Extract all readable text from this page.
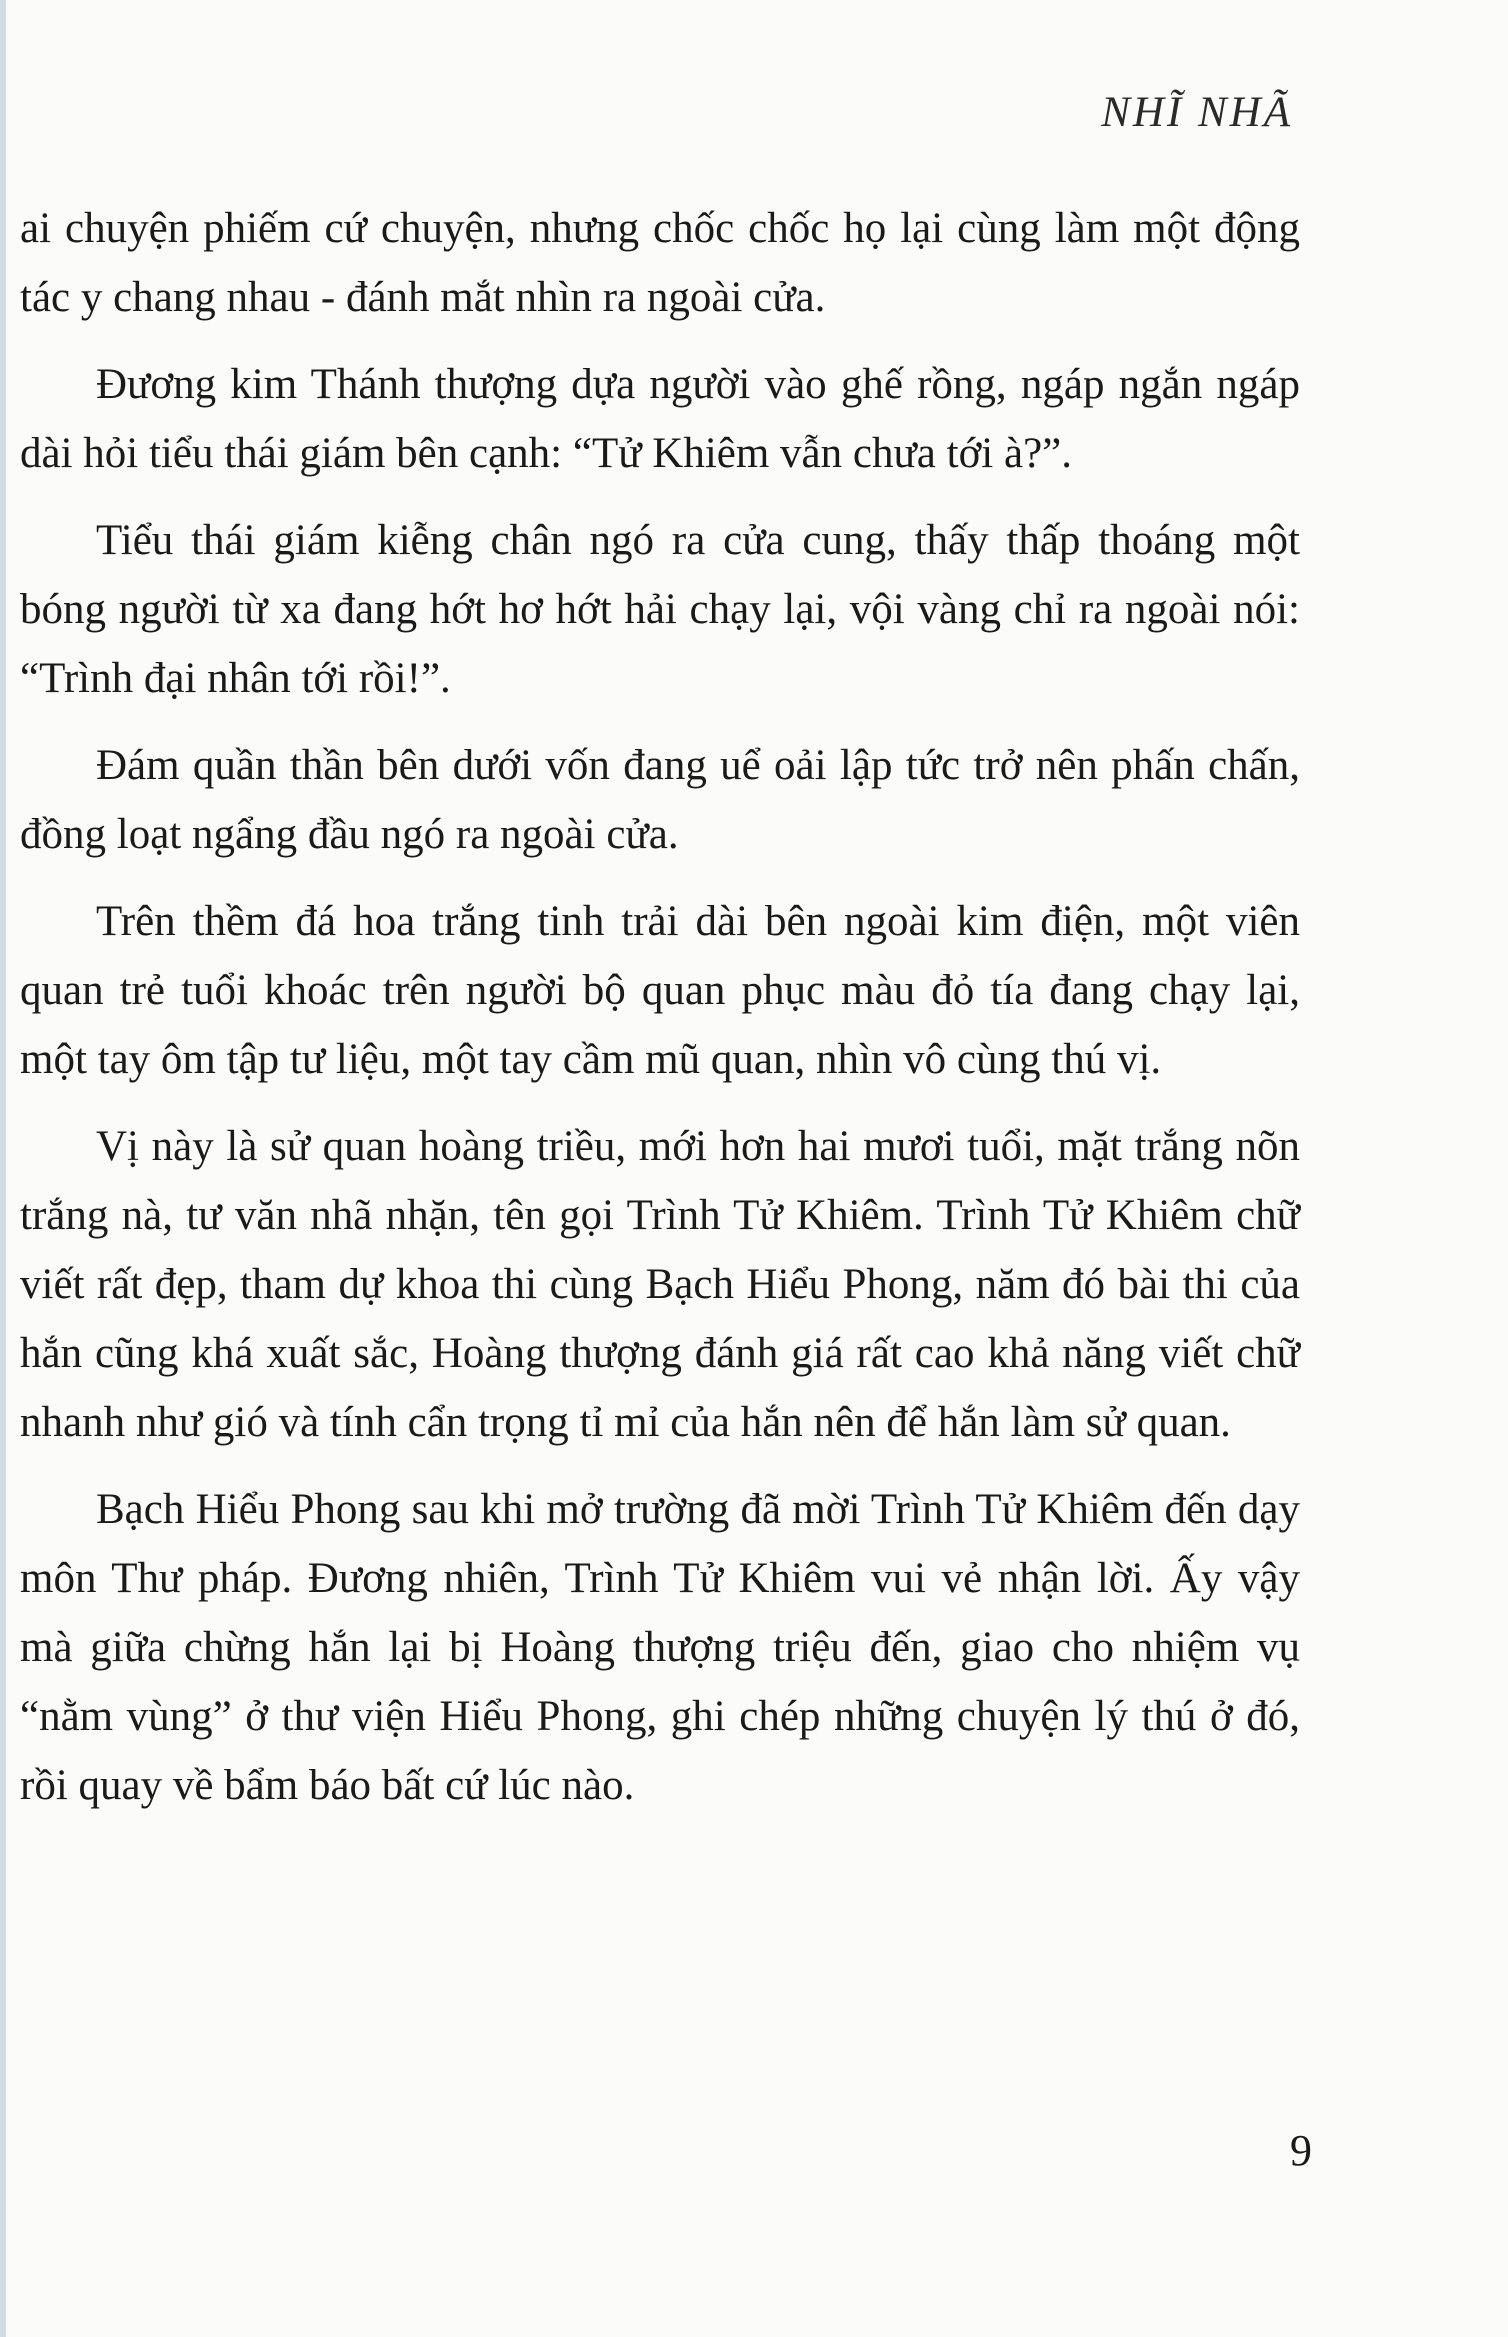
NHĨ NHÃ

ai chuyện phiếm cứ chuyện, nhưng chốc chốc họ lại cùng làm một động tác y chang nhau - đánh mắt nhìn ra ngoài cửa.

Đương kim Thánh thượng dựa người vào ghế rồng, ngáp ngắn ngáp dài hỏi tiểu thái giám bên cạnh: “Tử Khiêm vẫn chưa tới à?”.

Tiểu thái giám kiễng chân ngó ra cửa cung, thấy thấp thoáng một bóng người từ xa đang hớt hơ hớt hải chạy lại, vội vàng chỉ ra ngoài nói: “Trình đại nhân tới rồi!”.

Đám quần thần bên dưới vốn đang uể oải lập tức trở nên phấn chấn, đồng loạt ngẩng đầu ngó ra ngoài cửa.

Trên thềm đá hoa trắng tinh trải dài bên ngoài kim điện, một viên quan trẻ tuổi khoác trên người bộ quan phục màu đỏ tía đang chạy lại, một tay ôm tập tư liệu, một tay cầm mũ quan, nhìn vô cùng thú vị.

Vị này là sử quan hoàng triều, mới hơn hai mươi tuổi, mặt trắng nõn trắng nà, tư văn nhã nhặn, tên gọi Trình Tử Khiêm. Trình Tử Khiêm chữ viết rất đẹp, tham dự khoa thi cùng Bạch Hiểu Phong, năm đó bài thi của hắn cũng khá xuất sắc, Hoàng thượng đánh giá rất cao khả năng viết chữ nhanh như gió và tính cẩn trọng tỉ mỉ của hắn nên để hắn làm sử quan.

Bạch Hiểu Phong sau khi mở trường đã mời Trình Tử Khiêm đến dạy môn Thư pháp. Đương nhiên, Trình Tử Khiêm vui vẻ nhận lời. Ấy vậy mà giữa chừng hắn lại bị Hoàng thượng triệu đến, giao cho nhiệm vụ “nằm vùng” ở thư viện Hiểu Phong, ghi chép những chuyện lý thú ở đó, rồi quay về bẩm báo bất cứ lúc nào.

9
